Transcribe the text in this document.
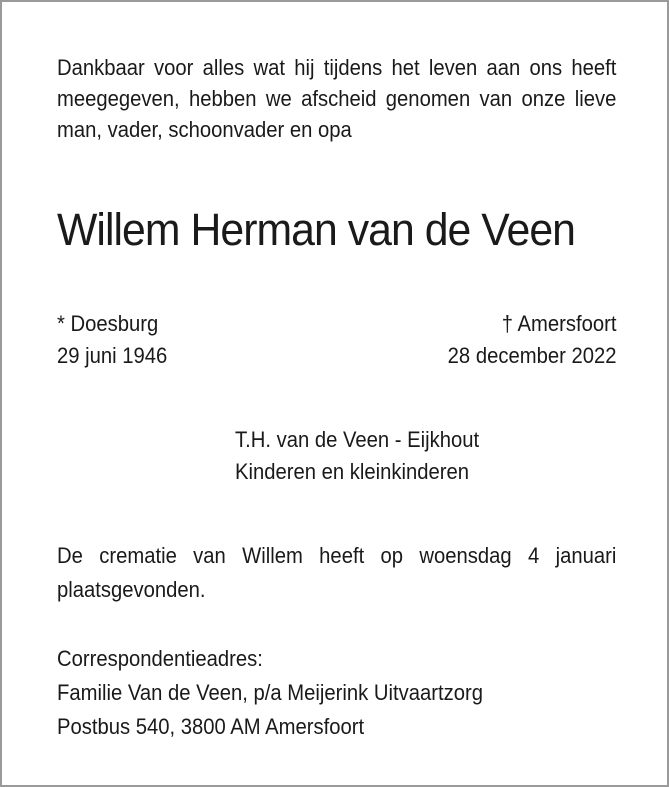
Dankbaar voor alles wat hij tijdens het leven aan ons heeft meegegeven, hebben we afscheid genomen van onze lieve man, vader, schoonvader en opa
Willem Herman van de Veen
* Doesburg
29 juni 1946
† Amersfoort
28 december 2022
T.H. van de Veen - Eijkhout
Kinderen en kleinkinderen
De crematie van Willem heeft op woensdag 4 januari plaatsgevonden.
Correspondentieadres:
Familie Van de Veen, p/a Meijerink Uitvaartzorg
Postbus 540, 3800 AM Amersfoort
